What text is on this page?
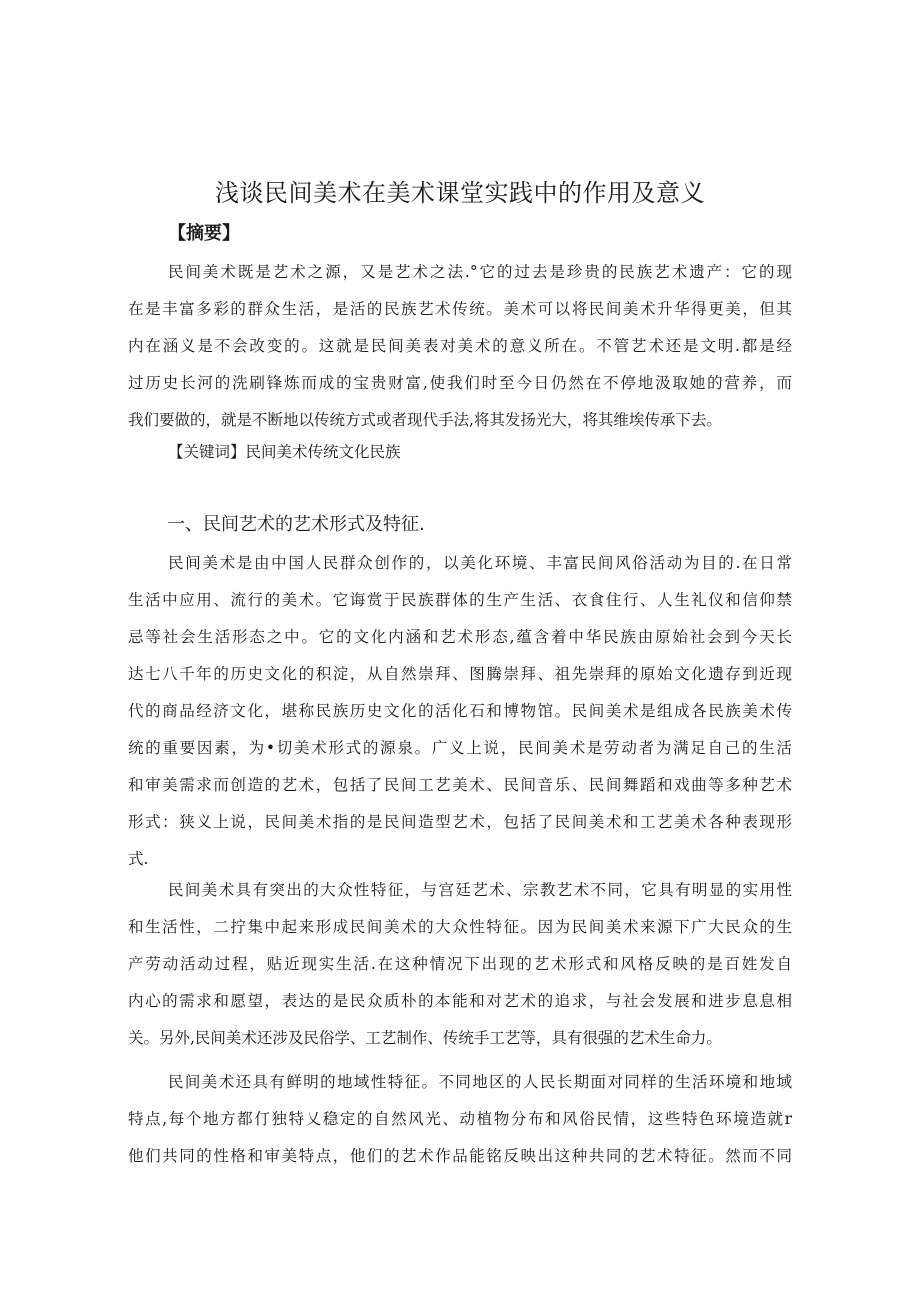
浅谈民间美术在美术课堂实践中的作用及意义
【摘要】
民间美术既是艺术之源，又是艺术之法.°它的过去是珍贵的民族艺术遗产：它的现
在是丰富多彩的群众生活，是活的民族艺术传统。美术可以将民间美术升华得更美，但其
内在涵义是不会改变的。这就是民间美表对美术的意义所在。不管艺术还是文明.都是经
过历史长河的洗刷锋炼而成的宝贵财富,使我们时至今日仍然在不停地汲取她的营养，而
我们要做的，就是不断地以传统方式或者现代手法,将其发扬光大，将其维埃传承下去。

【关键词】民间美术传统文化民族

一、民间艺术的艺术形式及特征.
民间美术是由中国人民群众创作的，以美化环境、丰富民间风俗活动为目的.在日常
生活中应用、流行的美术。它诲赏于民族群体的生产生活、衣食住行、人生礼仪和信仰禁
忌等社会生活形态之中。它的文化内涵和艺术形态,蕴含着中华民族由原始社会到今天长
达七八千年的历史文化的积淀，从自然崇拜、图腾崇拜、祖先崇拜的原始文化遗存到近现
代的商品经济文化，堪称民族历史文化的活化石和博物馆。民间美术是组成各民族美术传
统的重要因素，为•切美术形式的源泉。广义上说，民间美术是劳动者为满足自己的生活
和审美需求而创造的艺术，包括了民间工艺美术、民间音乐、民间舞蹈和戏曲等多种艺术
形式：狭义上说，民间美术指的是民间造型艺术，包括了民间美术和工艺美术各种表现形
式.
民间美术具有突出的大众性特征，与宫廷艺术、宗教艺术不同，它具有明显的实用性
和生活性，二拧集中起来形成民间美术的大众性特征。因为民间美术来源下广大民众的生
产劳动活动过程，贴近现实生活.在这种情况下出现的艺术形式和风格反映的是百姓发自
内心的需求和愿望，表达的是民众质朴的本能和对艺术的追求，与社会发展和进步息息相
关。另外,民间美术还涉及民俗学、工艺制作、传统手工艺等，具有很强的艺术生命力。
民间美术还具有鲜明的地域性特征。不同地区的人民长期面对同样的生活环境和地域
特点,每个地方都仃独特乂稳定的自然风光、动植物分布和风俗民情，这些特色环境造就r
他们共同的性格和审美特点，他们的艺术作品能铭反映出这种共同的艺术特征。然而不同
